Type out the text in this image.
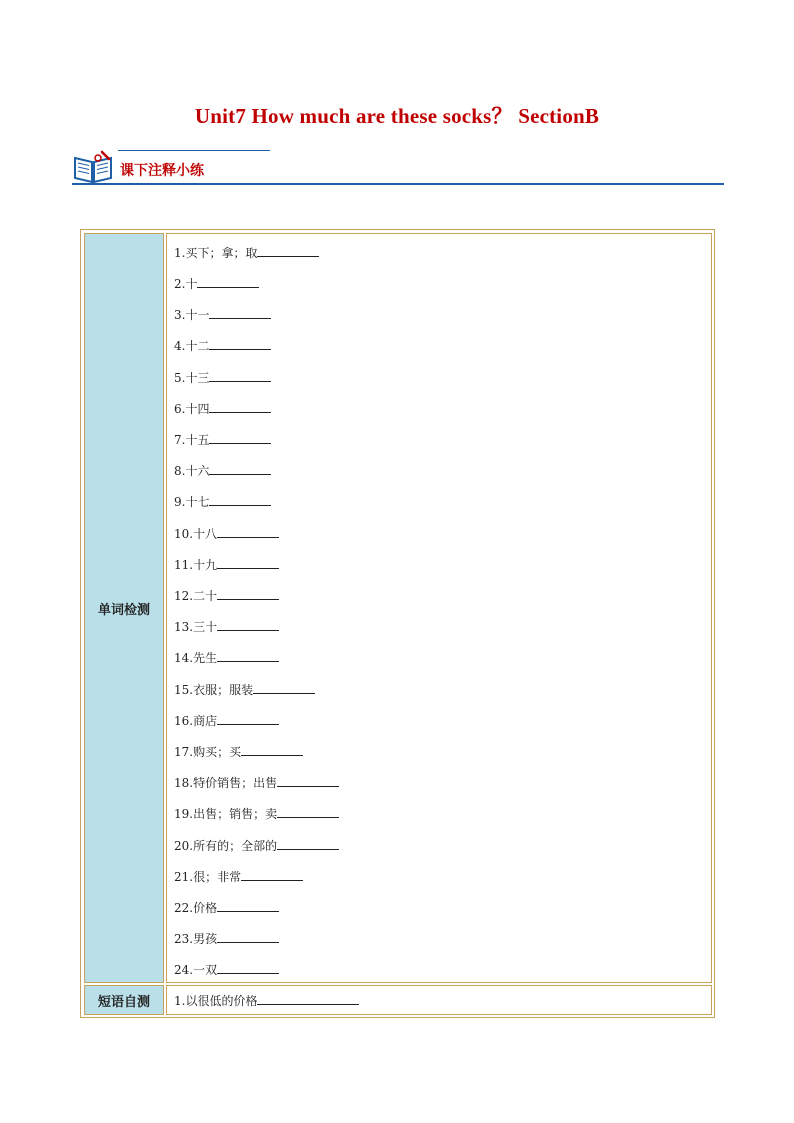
Unit7 How much are these socks？ SectionB
课下注释小练
单词检测
1.买下；拿；取
2.十
3.十一
4.十二
5.十三
6.十四
7.十五
8.十六
9.十七
10.十八
11.十九
12.二十
13.三十
14.先生
15.衣服；服装
16.商店
17.购买；买
18.特价销售；出售
19.出售；销售；卖
20.所有的；全部的
21.很；非常
22.价格
23.男孩
24.一双
短语自测 1.以很低的价格
